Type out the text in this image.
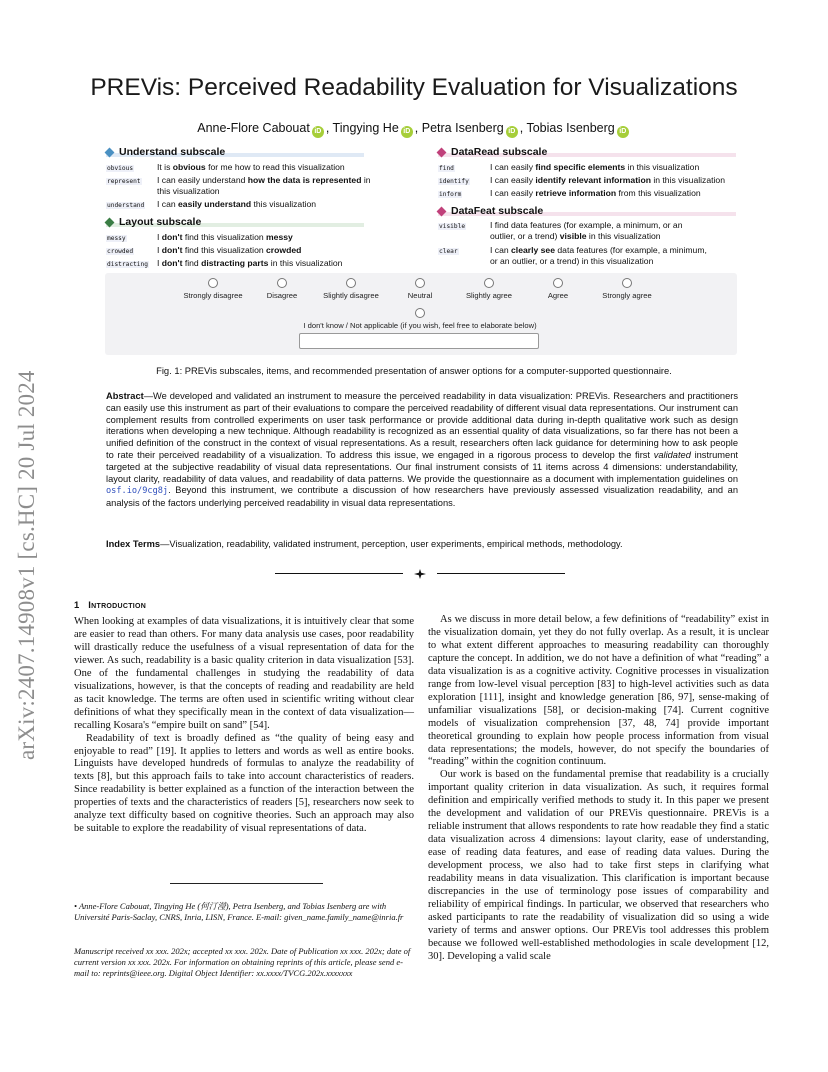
arXiv:2407.14908v1 [cs.HC] 20 Jul 2024
PREVis: Perceived Readability Evaluation for Visualizations
Anne-Flore Cabouat iD , Tingying He iD , Petra Isenberg iD , Tobias Isenberg iD
Understand subscale
obvious	It is obvious for me how to read this visualization
represent I can easily understand how the data is represented in this visualization
understand I can easily understand this visualization
Layout subscale
messy	I don't find this visualization messy
crowded	I don't find this visualization crowded
distracting I don't find distracting parts in this visualization
DataRead subscale
find	I can easily find specific elements in this visualization
identify I can easily identify relevant information in this visualization
inform	I can easily retrieve information from this visualization
DataFeat subscale
visible	I find data features (for example, a minimum, or an
outlier, or a trend) visible in this visualization
clear	I can clearly see data features (for example, a minimum,
or an outlier, or a trend) in this visualization
Strongly disagree	Disagree	Slightly disagree	Neutral	Slightly agree	Agree	Strongly agree
I don't know / Not applicable (if you wish, feel free to elaborate below)
Fig. 1: PREVis subscales, items, and recommended presentation of answer options for a computer-supported questionnaire.
Abstract—We developed and validated an instrument to measure the perceived readability in data visualization: PREVis. Researchers and practitioners can easily use this instrument as part of their evaluations to compare the perceived readability of different visual data representations. Our instrument can complement results from controlled experiments on user task performance or provide additional data during in-depth qualitative work such as design iterations when developing a new technique. Although readability is recognized as an essential quality of data visualizations, so far there has not been a unified definition of the construct in the context of visual representations. As a result, researchers often lack guidance for determining how to ask people to rate their perceived readability of a visualization. To address this issue, we engaged in a rigorous process to develop the first validated instrument targeted at the subjective readability of visual data representations. Our final instrument consists of 11 items across 4 dimensions: understandability, layout clarity, readability of data values, and readability of data patterns. We provide the questionnaire as a document with implementation guidelines on osf.io/9cg8j. Beyond this instrument, we contribute a discussion of how researchers have previously assessed visualization readability, and an analysis of the factors underlying perceived readability in visual data representations.
Index Terms—Visualization, readability, validated instrument, perception, user experiments, empirical methods, methodology.
1 Introduction

When looking at examples of data visualizations, it is intuitively clear that some are easier to read than others. For many data analysis use cases, poor readability will drastically reduce the usefulness of a visual representation of data for the viewer. As such, readability is a basic quality criterion in data visualization [53]. One of the fundamental challenges in studying the readability of data visualizations, however, is that the concepts of reading and readability are held as tacit knowledge. The terms are often used in scientific writing without clear definitions of what they specifically mean in the context of data visualization—recalling Kosara's “empire built on sand” [54].

Readability of text is broadly defined as “the quality of being easy and enjoyable to read” [19]. It applies to letters and words as well as entire books. Linguists have developed hundreds of formulas to analyze the readability of texts [8], but this approach fails to take into account characteristics of readers. Since readability is better explained as a function of the interaction between the properties of texts and the characteristics of readers [5], researchers now seek to analyze text difficulty based on cognitive theories. Such an approach may also be suitable to explore the readability of visual representations of data.

• Anne-Flore Cabouat, Tingying He (何汀瀅), Petra Isenberg, and Tobias Isenberg are with Université Paris-Saclay, CNRS, Inria, LISN, France. E-mail: given_name.family_name@inria.fr
Manuscript received xx xxx. 202x; accepted xx xxx. 202x. Date of Publication xx xxx. 202x; date of current version xx xxx. 202x. For information on obtaining reprints of this article, please send e-mail to: reprints@ieee.org. Digital Object Identifier: xx.xxxx/TVCG.202x.xxxxxxx

As we discuss in more detail below, a few definitions of “readability” exist in the visualization domain, yet they do not fully overlap. As a result, it is unclear to what extent different approaches to measuring readability can thoroughly capture the concept. In addition, we do not have a definition of what “reading” a data visualization is as a cognitive activity. Cognitive processes in visualization range from low-level visual perception [83] to high-level activities such as data exploration [111], insight and knowledge generation [86, 97], sense-making of unfamiliar visualizations [58], or decision-making [74]. Current cognitive models of visualization comprehension [37, 48, 74] provide important theoretical grounding to explain how people process information from visual data representations; the models, however, do not specify the boundaries of “reading” within the cognition continuum.

Our work is based on the fundamental premise that readability is a crucially important quality criterion in data visualization. As such, it requires formal definition and empirically verified methods to study it. In this paper we present the development and validation of our PREVis questionnaire. PREVis is a reliable instrument that allows respondents to rate how readable they find a static data visualization across 4 dimensions: layout clarity, ease of understanding, ease of reading data features, and ease of reading data values. During the development process, we also had to take first steps in clarifying what readability means in data visualization. This clarification is important because discrepancies in the use of terminology pose issues of comparability and reliability of empirical findings. In particular, we observed that researchers who asked participants to rate the readability of visualization did so using a wide variety of terms and answer options. Our PREVis tool addresses this problem because we followed well-established methodologies in scale development [12, 30]. Developing a valid scale
